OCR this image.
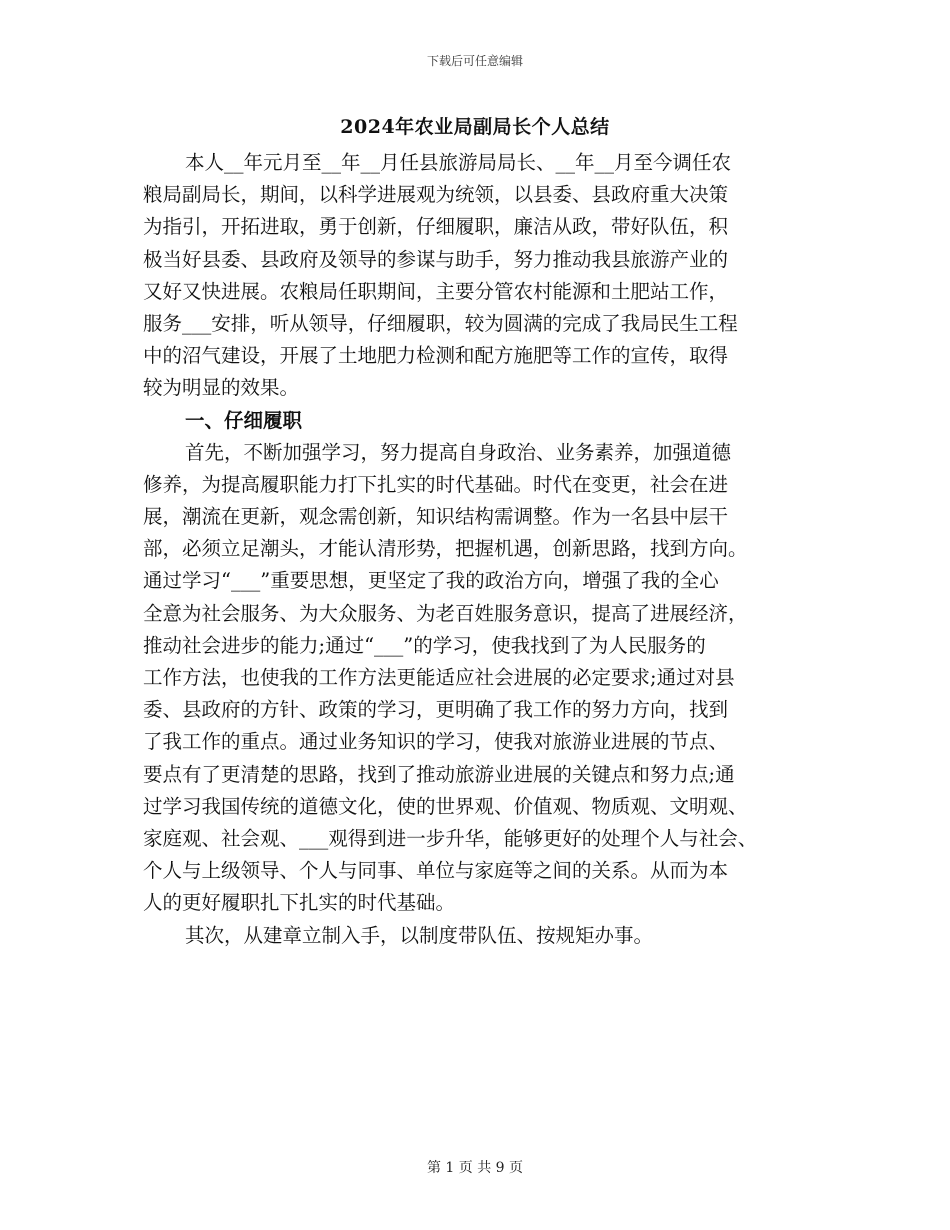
下载后可任意编辑
2024年农业局副局长个人总结
本人__年元月至__年__月任县旅游局局长、__年__月至今调任农
粮局副局长，期间，以科学进展观为统领，以县委、县政府重大决策
为指引，开拓进取，勇于创新，仔细履职，廉洁从政，带好队伍，积
极当好县委、县政府及领导的参谋与助手，努力推动我县旅游产业的
又好又快进展。农粮局任职期间，主要分管农村能源和土肥站工作，
服务___安排，听从领导，仔细履职，较为圆满的完成了我局民生工程
中的沼气建设，开展了土地肥力检测和配方施肥等工作的宣传，取得
较为明显的效果。
一、仔细履职
首先，不断加强学习，努力提高自身政治、业务素养，加强道德
修养，为提高履职能力打下扎实的时代基础。时代在变更，社会在进
展，潮流在更新，观念需创新，知识结构需调整。作为一名县中层干
部，必须立足潮头，才能认清形势，把握机遇，创新思路，找到方向。
通过学习“___”重要思想，更坚定了我的政治方向，增强了我的全心
全意为社会服务、为大众服务、为老百姓服务意识，提高了进展经济，
推动社会进步的能力;通过“___”的学习，使我找到了为人民服务的
工作方法，也使我的工作方法更能适应社会进展的必定要求;通过对县
委、县政府的方针、政策的学习，更明确了我工作的努力方向，找到
了我工作的重点。通过业务知识的学习，使我对旅游业进展的节点、
要点有了更清楚的思路，找到了推动旅游业进展的关键点和努力点;通
过学习我国传统的道德文化，使的世界观、价值观、物质观、文明观、
家庭观、社会观、___观得到进一步升华，能够更好的处理个人与社会、
个人与上级领导、个人与同事、单位与家庭等之间的关系。从而为本
人的更好履职扎下扎实的时代基础。
其次，从建章立制入手，以制度带队伍、按规矩办事。
第 1 页 共 9 页
